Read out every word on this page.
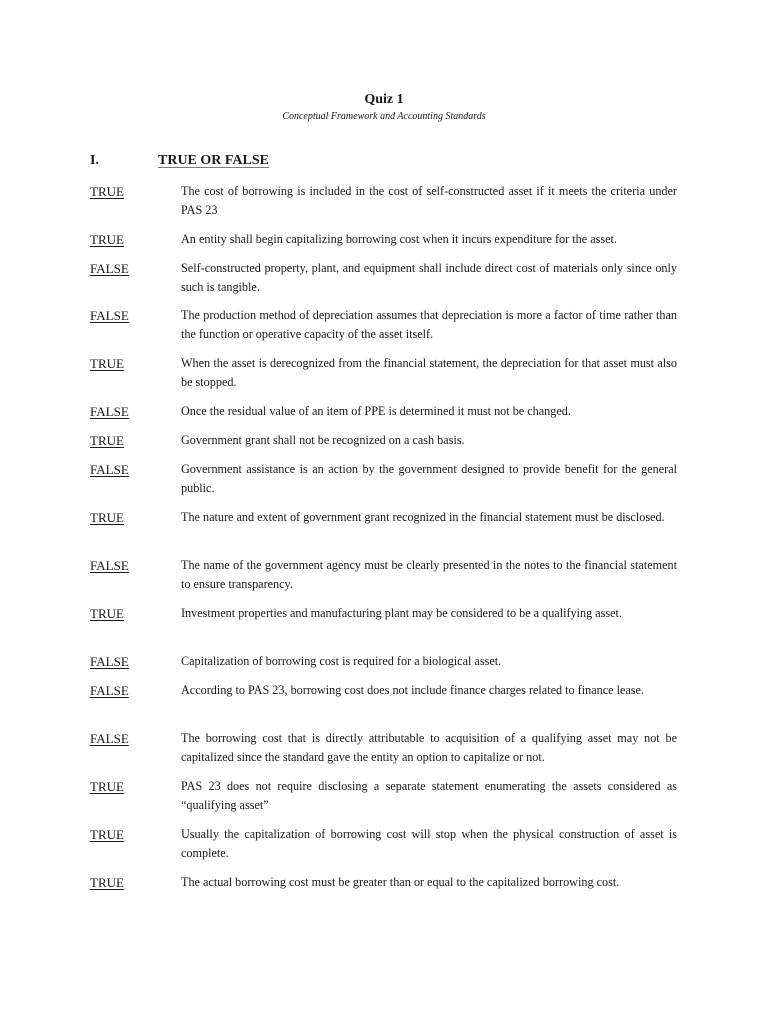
Quiz 1
Conceptual Framework and Accounting Standards
I.	TRUE OR FALSE
TRUE	The cost of borrowing is included in the cost of self-constructed asset if it meets the criteria under PAS 23
TRUE	An entity shall begin capitalizing borrowing cost when it incurs expenditure for the asset.
FALSE	Self-constructed property, plant, and equipment shall include direct cost of materials only since only such is tangible.
FALSE	The production method of depreciation assumes that depreciation is more a factor of time rather than the function or operative capacity of the asset itself.
TRUE	When the asset is derecognized from the financial statement, the depreciation for that asset must also be stopped.
FALSE	Once the residual value of an item of PPE is determined it must not be changed.
TRUE	Government grant shall not be recognized on a cash basis.
FALSE	Government assistance is an action by the government designed to provide benefit for the general public.
TRUE	The nature and extent of government grant recognized in the financial statement must be disclosed.
FALSE	The name of the government agency must be clearly presented in the notes to the financial statement to ensure transparency.
TRUE	Investment properties and manufacturing plant may be considered to be a qualifying asset.
FALSE	Capitalization of borrowing cost is required for a biological asset.
FALSE	According to PAS 23, borrowing cost does not include finance charges related to finance lease.
FALSE	The borrowing cost that is directly attributable to acquisition of a qualifying asset may not be capitalized since the standard gave the entity an option to capitalize or not.
TRUE	PAS 23 does not require disclosing a separate statement enumerating the assets considered as “qualifying asset”
TRUE	Usually the capitalization of borrowing cost will stop when the physical construction of asset is complete.
TRUE	The actual borrowing cost must be greater than or equal to the capitalized borrowing cost.
